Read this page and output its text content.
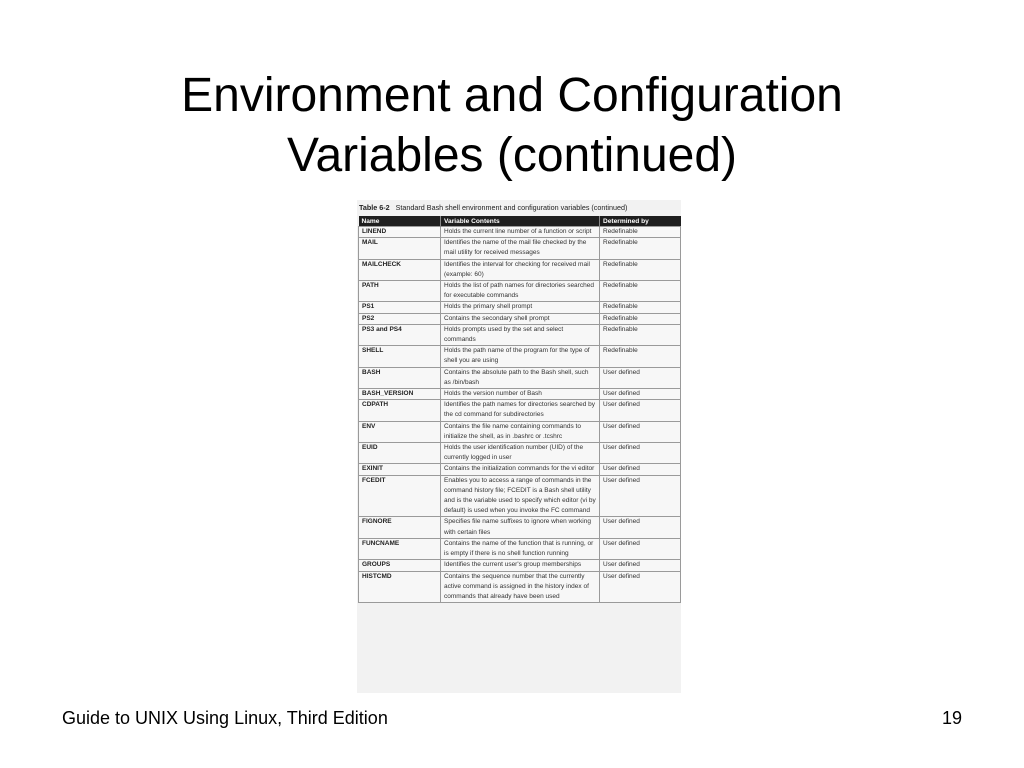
Environment and Configuration
Variables (continued)
Table 6-2 Standard Bash shell environment and configuration variables (continued)
Name	Variable Contents	Determined by
LINEND	Holds the current line number of a function or script	Redefinable
MAIL	Identifies the name of the mail file checked by the mail utility for received messages	Redefinable
MAILCHECK	Identifies the interval for checking for received mail (example: 60)	Redefinable
PATH	Holds the list of path names for directories searched for executable commands	Redefinable
PS1	Holds the primary shell prompt	Redefinable
PS2	Contains the secondary shell prompt	Redefinable
PS3 and PS4	Holds prompts used by the set and select commands	Redefinable
SHELL	Holds the path name of the program for the type of shell you are using	Redefinable
BASH	Contains the absolute path to the Bash shell, such as /bin/bash	User defined
BASH_VERSION	Holds the version number of Bash	User defined
CDPATH	Identifies the path names for directories searched by the cd command for subdirectories	User defined
ENV	Contains the file name containing commands to initialize the shell, as in .bashrc or .tcshrc	User defined
EUID	Holds the user identification number (UID) of the currently logged in user	User defined
EXINIT	Contains the initialization commands for the vi editor	User defined
FCEDIT	Enables you to access a range of commands in the command history file; FCEDIT is a Bash shell utility and is the variable used to specify which editor (vi by default) is used when you invoke the FC command	User defined
FIGNORE	Specifies file name suffixes to ignore when working with certain files	User defined
FUNCNAME	Contains the name of the function that is running, or is empty if there is no shell function running	User defined
GROUPS	Identifies the current user's group memberships	User defined
HISTCMD	Contains the sequence number that the currently active command is assigned in the history index of commands that already have been used	User defined
Guide to UNIX Using Linux, Third Edition	19
